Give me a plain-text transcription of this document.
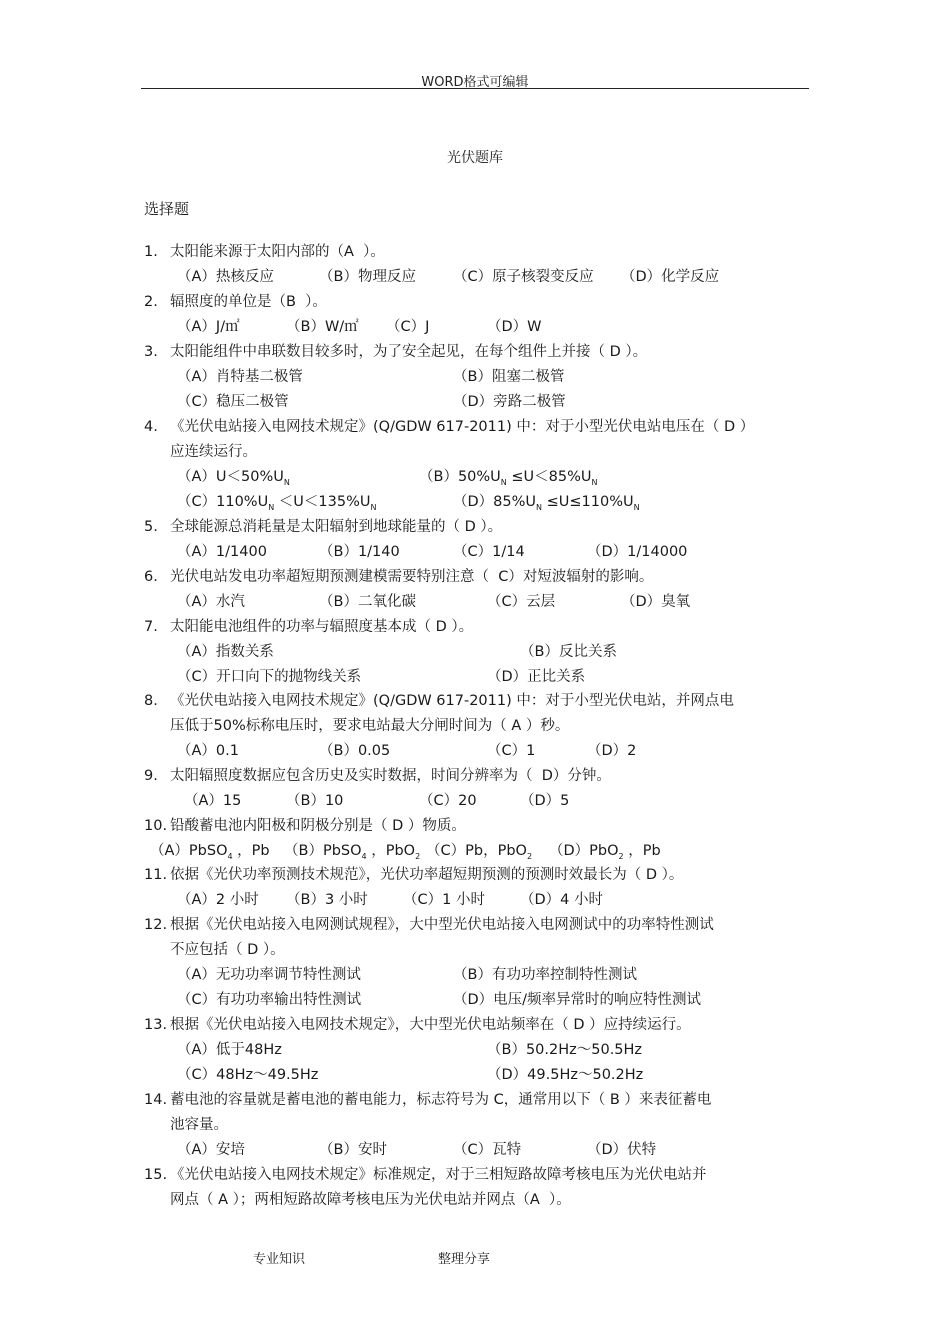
WORD格式可编辑
光伏题库
选择题
1. 太阳能来源于太阳内部的（A  ）。
（A）热核反应	（B）物理反应	（C）原子核裂变反应 （D）化学反应
2. 辐照度的单位是（B  ）。
（A）J/㎡	（B）W/㎡ （C）J	（D）W
3. 太阳能组件中串联数目较多时，为了安全起见，在每个组件上并接（ D ）。
（A）肖特基二极管	（B）阻塞二极管
（C）稳压二极管	（D）旁路二极管
4. 《光伏电站接入电网技术规定》(Q/GDW 617-2011) 中：对于小型光伏电站电压在（ D ）
应连续运行。
$(A)U<50\%U_N$	$(B)50\%U_N \le U<85\%U_N$
$(C)110\%U_N <U<135\%U_N$	$(D)85\%U_N \le U\le 110\%U_N$
5. 全球能源总消耗量是太阳辐射到地球能量的（ D ）。
（A）1/1400	（B）1/140	（C）1/14	（D）1/14000
6. 光伏电站发电功率超短期预测建模需要特别注意（  C）对短波辐射的影响。
（A）水汽	（B）二氧化碳	（C）云层	（D）臭氧
7. 太阳能电池组件的功率与辐照度基本成（ D ）。
（A）指数关系	（B）反比关系
（C）开口向下的抛物线关系	（D）正比关系
8. 《光伏电站接入电网技术规定》(Q/GDW 617-2011) 中：对于小型光伏电站，并网点电
压低于50%标称电压时，要求电站最大分闸时间为（ A ）秒。
（A）0.1	（B）0.05	（C）1	（D）2
9. 太阳辐照度数据应包含历史及实时数据，时间分辨率为（  D）分钟。
（A）15	（B）10	（C）20	（D）5
10. 铅酸蓄电池内阳极和阴极分别是（ D ）物质。
（A）PbSO$_4$ ，Pb （B）PbSO$_4$ ，PbO$_2$ （C）Pb，PbO$_2$ （D）PbO$_2$ ，Pb
11. 依据《光伏功率预测技术规范》，光伏功率超短期预测的预测时效最长为（ D ）。
（A）2 小时 （B）3 小时 （C）1 小时 （D）4 小时
12. 根据《光伏电站接入电网测试规程》，大中型光伏电站接入电网测试中的功率特性测试
不应包括（ D ）。
（A）无功功率调节特性测试	（B）有功功率控制特性测试
（C）有功功率输出特性测试	（D）电压/频率异常时的响应特性测试
13. 根据《光伏电站接入电网技术规定》，大中型光伏电站频率在（ D ）应持续运行。
（A）低于48Hz	（B）50.2Hz～50.5Hz
（C）48Hz～49.5Hz	（D）49.5Hz～50.2Hz
14. 蓄电池的容量就是蓄电池的蓄电能力，标志符号为 C，通常用以下（ B ）来表征蓄电
池容量。
（A）安培	（B）安时	（C）瓦特	（D）伏特
15. 《光伏电站接入电网技术规定》标准规定，对于三相短路故障考核电压为光伏电站并
网点（ A ）；两相短路故障考核电压为光伏电站并网点（A  ）。
专业知识	整理分享
